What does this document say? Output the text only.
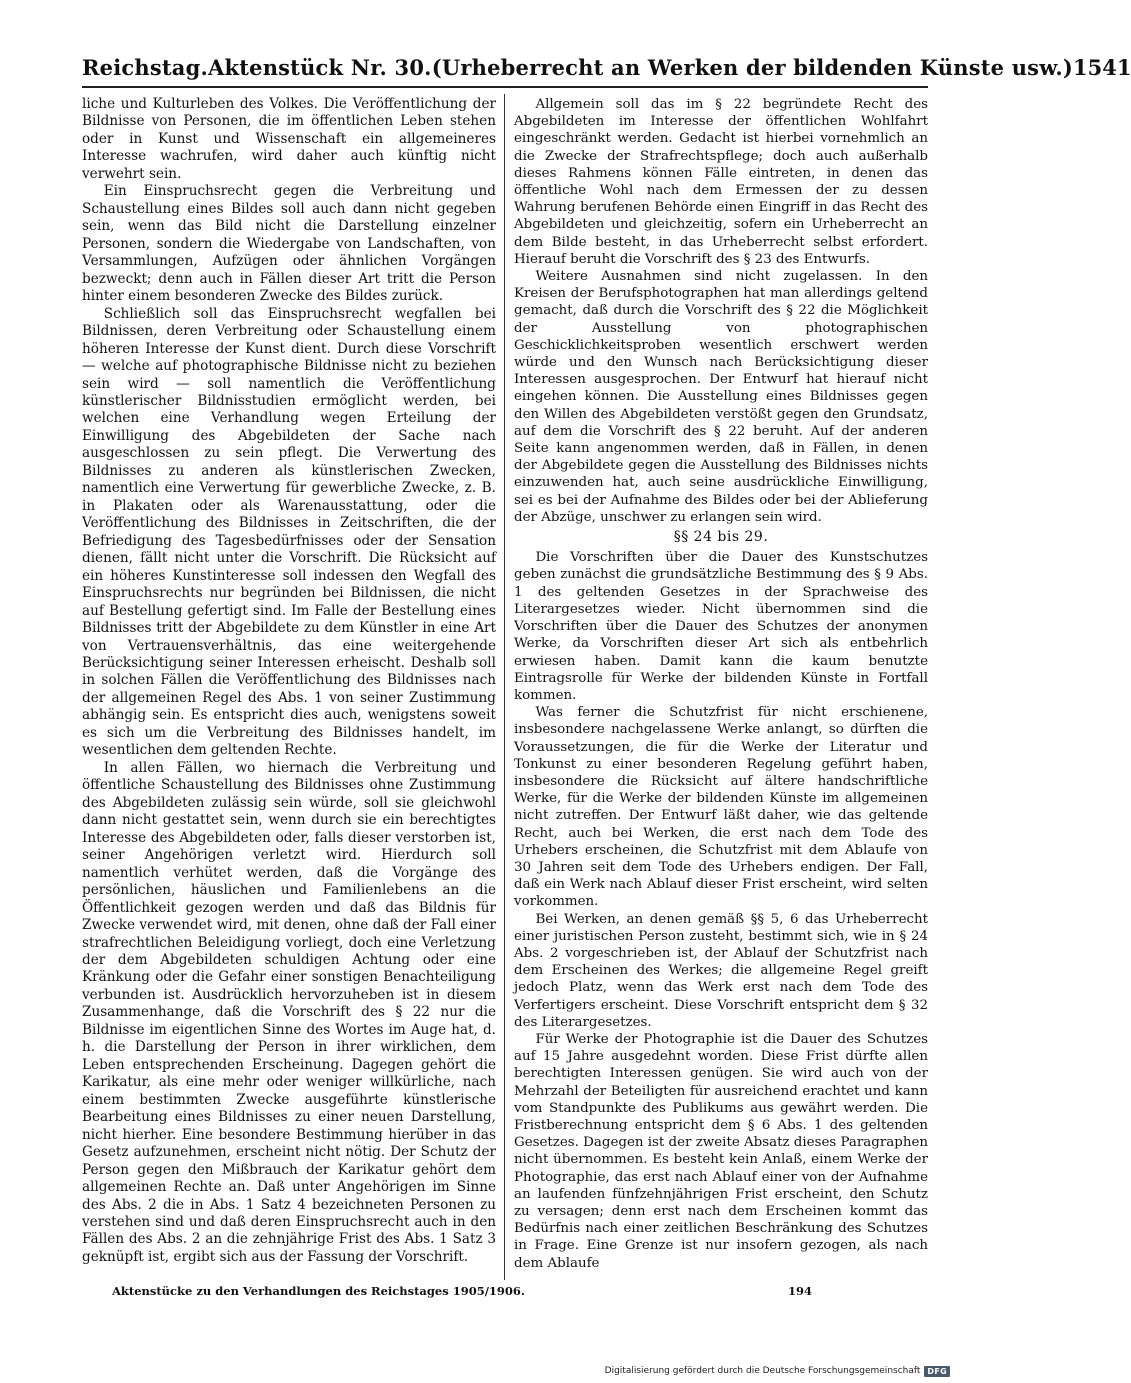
Reichstag. Aktenstück Nr. 30. (Urheberrecht an Werken der bildenden Künste usw.) 1541

liche und Kulturleben des Volkes. Die Veröffentlichung der Bildnisse von Personen, die im öffentlichen Leben stehen oder in Kunst und Wissenschaft ein allgemeineres Interesse wachrufen, wird daher auch künftig nicht verwehrt sein.

Ein Einspruchsrecht gegen die Verbreitung und Schaustellung eines Bildes soll auch dann nicht gegeben sein, wenn das Bild nicht die Darstellung einzelner Personen, sondern die Wiedergabe von Landschaften, von Versammlungen, Aufzügen oder ähnlichen Vorgängen bezweckt; denn auch in Fällen dieser Art tritt die Person hinter einem besonderen Zwecke des Bildes zurück.

Schließlich soll das Einspruchsrecht wegfallen bei Bildnissen, deren Verbreitung oder Schaustellung einem höheren Interesse der Kunst dient. Durch diese Vorschrift — welche auf photographische Bildnisse nicht zu beziehen sein wird — soll namentlich die Veröffentlichung künstlerischer Bildnisstudien ermöglicht werden, bei welchen eine Verhandlung wegen Erteilung der Einwilligung des Abgebildeten der Sache nach ausgeschlossen zu sein pflegt. Die Verwertung des Bildnisses zu anderen als künstlerischen Zwecken, namentlich eine Verwertung für gewerbliche Zwecke, z. B. in Plakaten oder als Warenausstattung, oder die Veröffentlichung des Bildnisses in Zeitschriften, die der Befriedigung des Tagesbedürfnisses oder der Sensation dienen, fällt nicht unter die Vorschrift. Die Rücksicht auf ein höheres Kunstinteresse soll indessen den Wegfall des Einspruchsrechts nur begründen bei Bildnissen, die nicht auf Bestellung gefertigt sind. Im Falle der Bestellung eines Bildnisses tritt der Abgebildete zu dem Künstler in eine Art von Vertrauensverhältnis, das eine weitergehende Berücksichtigung seiner Interessen erheischt. Deshalb soll in solchen Fällen die Veröffentlichung des Bildnisses nach der allgemeinen Regel des Abs. 1 von seiner Zustimmung abhängig sein. Es entspricht dies auch, wenigstens soweit es sich um die Verbreitung des Bildnisses handelt, im wesentlichen dem geltenden Rechte.

In allen Fällen, wo hiernach die Verbreitung und öffentliche Schaustellung des Bildnisses ohne Zustimmung des Abgebildeten zulässig sein würde, soll sie gleichwohl dann nicht gestattet sein, wenn durch sie ein berechtigtes Interesse des Abgebildeten oder, falls dieser verstorben ist, seiner Angehörigen verletzt wird. Hierdurch soll namentlich verhütet werden, daß die Vorgänge des persönlichen, häuslichen und Familienlebens an die Öffentlichkeit gezogen werden und daß das Bildnis für Zwecke verwendet wird, mit denen, ohne daß der Fall einer strafrechtlichen Beleidigung vorliegt, doch eine Verletzung der dem Abgebildeten schuldigen Achtung oder eine Kränkung oder die Gefahr einer sonstigen Benachteiligung verbunden ist. Ausdrücklich hervorzuheben ist in diesem Zusammenhange, daß die Vorschrift des § 22 nur die Bildnisse im eigentlichen Sinne des Wortes im Auge hat, d. h. die Darstellung der Person in ihrer wirklichen, dem Leben entsprechenden Erscheinung. Dagegen gehört die Karikatur, als eine mehr oder weniger willkürliche, nach einem bestimmten Zwecke ausgeführte künstlerische Bearbeitung eines Bildnisses zu einer neuen Darstellung, nicht hierher. Eine besondere Bestimmung hierüber in das Gesetz aufzunehmen, erscheint nicht nötig. Der Schutz der Person gegen den Mißbrauch der Karikatur gehört dem allgemeinen Rechte an. Daß unter Angehörigen im Sinne des Abs. 2 die in Abs. 1 Satz 4 bezeichneten Personen zu verstehen sind und daß deren Einspruchsrecht auch in den Fällen des Abs. 2 an die zehnjährige Frist des Abs. 1 Satz 3 geknüpft ist, ergibt sich aus der Fassung der Vorschrift.

Allgemein soll das im § 22 begründete Recht des Abgebildeten im Interesse der öffentlichen Wohlfahrt eingeschränkt werden. Gedacht ist hierbei vornehmlich an die Zwecke der Strafrechtspflege; doch auch außerhalb dieses Rahmens können Fälle eintreten, in denen das öffentliche Wohl nach dem Ermessen der zu dessen Wahrung berufenen Behörde einen Eingriff in das Recht des Abgebildeten und gleichzeitig, sofern ein Urheberrecht an dem Bilde besteht, in das Urheberrecht selbst erfordert. Hierauf beruht die Vorschrift des § 23 des Entwurfs.

Weitere Ausnahmen sind nicht zugelassen. In den Kreisen der Berufsphotographen hat man allerdings geltend gemacht, daß durch die Vorschrift des § 22 die Möglichkeit der Ausstellung von photographischen Geschicklichkeitsproben wesentlich erschwert werden würde und den Wunsch nach Berücksichtigung dieser Interessen ausgesprochen. Der Entwurf hat hierauf nicht eingehen können. Die Ausstellung eines Bildnisses gegen den Willen des Abgebildeten verstößt gegen den Grundsatz, auf dem die Vorschrift des § 22 beruht. Auf der anderen Seite kann angenommen werden, daß in Fällen, in denen der Abgebildete gegen die Ausstellung des Bildnisses nichts einzuwenden hat, auch seine ausdrückliche Einwilligung, sei es bei der Aufnahme des Bildes oder bei der Ablieferung der Abzüge, unschwer zu erlangen sein wird.

§§ 24 bis 29.

Die Vorschriften über die Dauer des Kunstschutzes geben zunächst die grundsätzliche Bestimmung des § 9 Abs. 1 des geltenden Gesetzes in der Sprachweise des Literargesetzes wieder. Nicht übernommen sind die Vorschriften über die Dauer des Schutzes der anonymen Werke, da Vorschriften dieser Art sich als entbehrlich erwiesen haben. Damit kann die kaum benutzte Eintragsrolle für Werke der bildenden Künste in Fortfall kommen.

Was ferner die Schutzfrist für nicht erschienene, insbesondere nachgelassene Werke anlangt, so dürften die Voraussetzungen, die für die Werke der Literatur und Tonkunst zu einer besonderen Regelung geführt haben, insbesondere die Rücksicht auf ältere handschriftliche Werke, für die Werke der bildenden Künste im allgemeinen nicht zutreffen. Der Entwurf läßt daher, wie das geltende Recht, auch bei Werken, die erst nach dem Tode des Urhebers erscheinen, die Schutzfrist mit dem Ablaufe von 30 Jahren seit dem Tode des Urhebers endigen. Der Fall, daß ein Werk nach Ablauf dieser Frist erscheint, wird selten vorkommen.

Bei Werken, an denen gemäß §§ 5, 6 das Urheberrecht einer juristischen Person zusteht, bestimmt sich, wie in § 24 Abs. 2 vorgeschrieben ist, der Ablauf der Schutzfrist nach dem Erscheinen des Werkes; die allgemeine Regel greift jedoch Platz, wenn das Werk erst nach dem Tode des Verfertigers erscheint. Diese Vorschrift entspricht dem § 32 des Literargesetzes.

Für Werke der Photographie ist die Dauer des Schutzes auf 15 Jahre ausgedehnt worden. Diese Frist dürfte allen berechtigten Interessen genügen. Sie wird auch von der Mehrzahl der Beteiligten für ausreichend erachtet und kann vom Standpunkte des Publikums aus gewährt werden. Die Fristberechnung entspricht dem § 6 Abs. 1 des geltenden Gesetzes. Dagegen ist der zweite Absatz dieses Paragraphen nicht übernommen. Es besteht kein Anlaß, einem Werke der Photographie, das erst nach Ablauf einer von der Aufnahme an laufenden fünfzehnjährigen Frist erscheint, den Schutz zu versagen; denn erst nach dem Erscheinen kommt das Bedürfnis nach einer zeitlichen Beschränkung des Schutzes in Frage. Eine Grenze ist nur insofern gezogen, als nach dem Ablaufe

Aktenstücke zu den Verhandlungen des Reichstages 1905/1906.	194
Digitalisierung gefördert durch die Deutsche Forschungsgemeinschaft DFG
